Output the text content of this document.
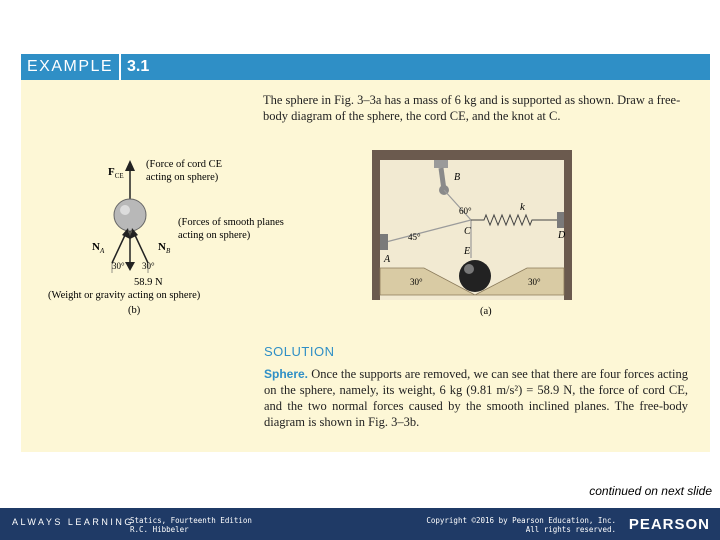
EXAMPLE 3.1
The sphere in Fig. 3–3a has a mass of 6 kg and is supported as shown. Draw a free-body diagram of the sphere, the cord CE, and the knot at C.
$F_{CE}$
(Force of cord CE
acting on sphere)
$N_A$	$N_B$
(Forces of smooth planes
acting on sphere)
30° 30°
58.9 N
(Weight or gravity acting on sphere)
(b)
B
k
60°
C	D
45°
A
E
30°	30°
(a)
SOLUTION
Sphere. Once the supports are removed, we can see that there are four forces acting on the sphere, namely, its weight, 6 kg (9.81 m/s²) = 58.9 N, the force of cord CE, and the two normal forces caused by the smooth inclined planes. The free-body diagram is shown in Fig. 3–3b.
continued on next slide
ALWAYS LEARNING
Statics, Fourteenth Edition
R.C. Hibbeler
Copyright ©2016 by Pearson Education, Inc.
All rights reserved. PEARSON
